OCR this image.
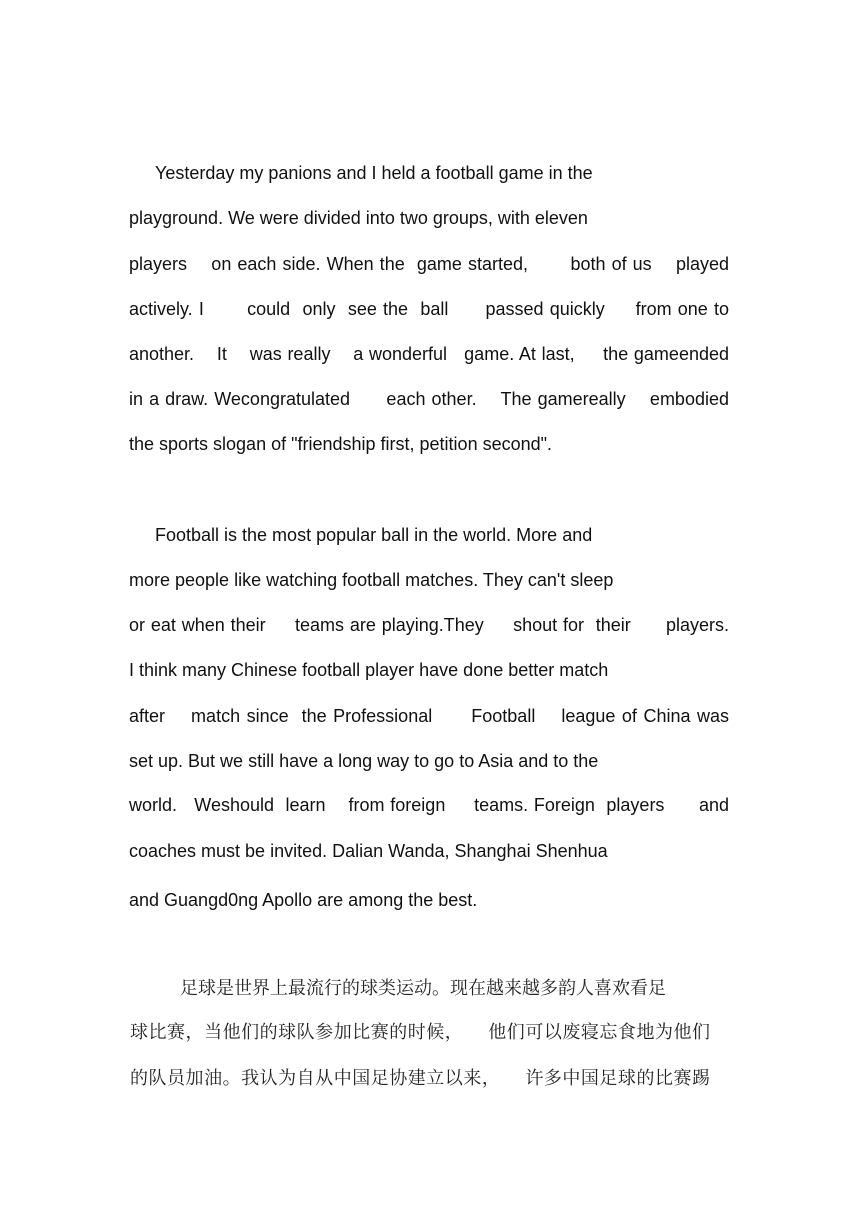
Yesterday my panions and I held a football game in the

playground. We were divided into two groups, with eleven

players    on each side. When the  game started,       both of us    played

actively. I       could  only  see the  ball      passed quickly     from one to

another.    It    was really    a wonderful   game. At last,     the gameended

in a draw. Wecongratulated      each other.    The gamereally    embodied

the sports slogan of "friendship first, petition second".

Football is the most popular ball in the world. More and

more people like watching football matches. They can't sleep

or eat when their     teams are playing.They     shout for  their      players.

I think many Chinese football player have done better match

after    match since  the Professional      Football    league of China was

set up. But we still have a long way to go to Asia and to the

world.   Weshould  learn    from foreign     teams. Foreign  players      and

coaches must be invited. Dalian Wanda, Shanghai Shenhua

and Guangd0ng Apollo are among the best.

足球是世界上最流行的球类运动。现在越来越多韵人喜欢看足

球比赛，当他们的球队参加比赛的时候，    他们可以废寝忘食地为他们

的队员加油。我认为自从中国足协建立以来，    许多中国足球的比赛踢
